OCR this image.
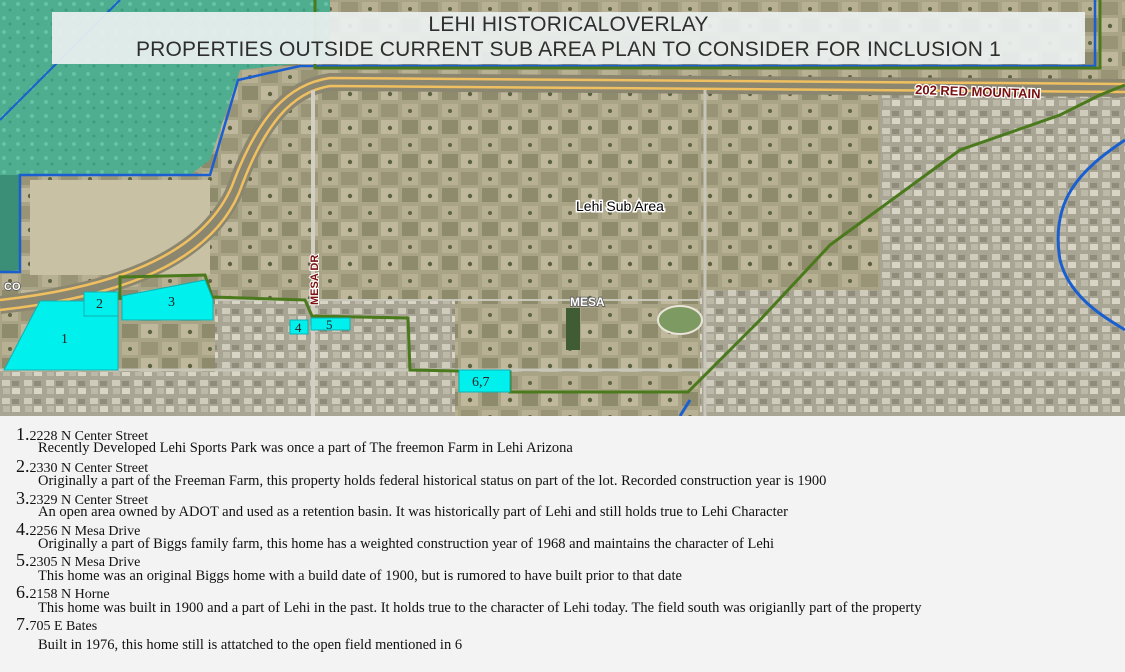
1
2	3
4 5
6,7
202 RED MOUNTAIN
MESA DR
Lehi Sub Area
MESA
CO
LEHI HISTORICALOVERLAY
PROPERTIES OUTSIDE CURRENT SUB AREA PLAN TO CONSIDER FOR INCLUSION 1
1.2228 N Center Street
Recently Developed Lehi Sports Park was once a part of The freemon Farm in Lehi Arizona
2.2330 N Center Street
Originally a part of the Freeman Farm, this property holds federal historical status on part of the lot. Recorded construction year is 1900
3.2329 N Center Street
An open area owned by ADOT and used as a retention basin. It was historically part of Lehi and still holds true to Lehi Character
4.2256 N Mesa Drive
Originally a part of Biggs family farm, this home has a weighted construction year of 1968 and maintains the character of Lehi
5.2305 N Mesa Drive
This home was an original Biggs home with a build date of 1900, but is rumored to have built prior to that date
6.2158 N Horne
This home was built in 1900 and a part of Lehi in the past. It holds true to the character of Lehi today. The field south was origianlly part of the property
7.705 E Bates
Built in 1976, this home still is attatched to the open field mentioned in 6
